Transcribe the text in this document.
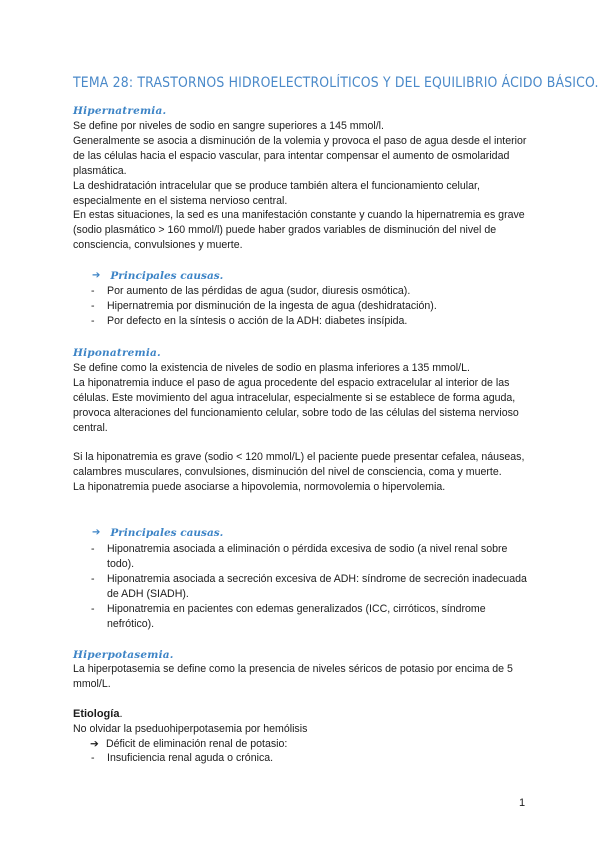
TEMA 28: TRASTORNOS HIDROELECTROLÍTICOS Y DEL EQUILIBRIO ÁCIDO BÁSICO.
Hipernatremia.

Se define por niveles de sodio en sangre superiores a 145 mmol/l.

Generalmente se asocia a disminución de la volemia y provoca el paso de agua desde el interior de las células hacia el espacio vascular, para intentar compensar el aumento de osmolaridad plasmática.

La deshidratación intracelular que se produce también altera el funcionamiento celular, especialmente en el sistema nervioso central.

En estas situaciones, la sed es una manifestación constante y cuando la hipernatremia es grave (sodio plasmático > 160 mmol/l) puede haber grados variables de disminución del nivel de consciencia, convulsiones y muerte.

➔ Principales causas.
-	Por aumento de las pérdidas de agua (sudor, diuresis osmótica).
-	Hipernatremia por disminución de la ingesta de agua (deshidratación).
-	Por defecto en la síntesis o acción de la ADH: diabetes insípida.
Hiponatremia.

Se define como la existencia de niveles de sodio en plasma inferiores a 135 mmol/L.

La hiponatremia induce el paso de agua procedente del espacio extracelular al interior de las células. Este movimiento del agua intracelular, especialmente si se establece de forma aguda, provoca alteraciones del funcionamiento celular, sobre todo de las células del sistema nervioso central.

Si la hiponatremia es grave (sodio < 120 mmol/L) el paciente puede presentar cefalea, náuseas, calambres musculares, convulsiones, disminución del nivel de consciencia, coma y muerte.

La hiponatremia puede asociarse a hipovolemia, normovolemia o hipervolemia.

➔ Principales causas.
-	Hiponatremia asociada a eliminación o pérdida excesiva de sodio (a nivel renal sobre todo).
-	Hiponatremia asociada a secreción excesiva de ADH: síndrome de secreción inadecuada de ADH (SIADH).
-	Hiponatremia en pacientes con edemas generalizados (ICC, cirróticos, síndrome nefrótico).
Hiperpotasemia.

La hiperpotasemia se define como la presencia de niveles séricos de potasio por encima de 5 mmol/L.

Etiología.

No olvidar la pseduohiperpotasemia por hemólisis

➔ Déficit de eliminación renal de potasio:
-	Insuficiencia renal aguda o crónica.
1
